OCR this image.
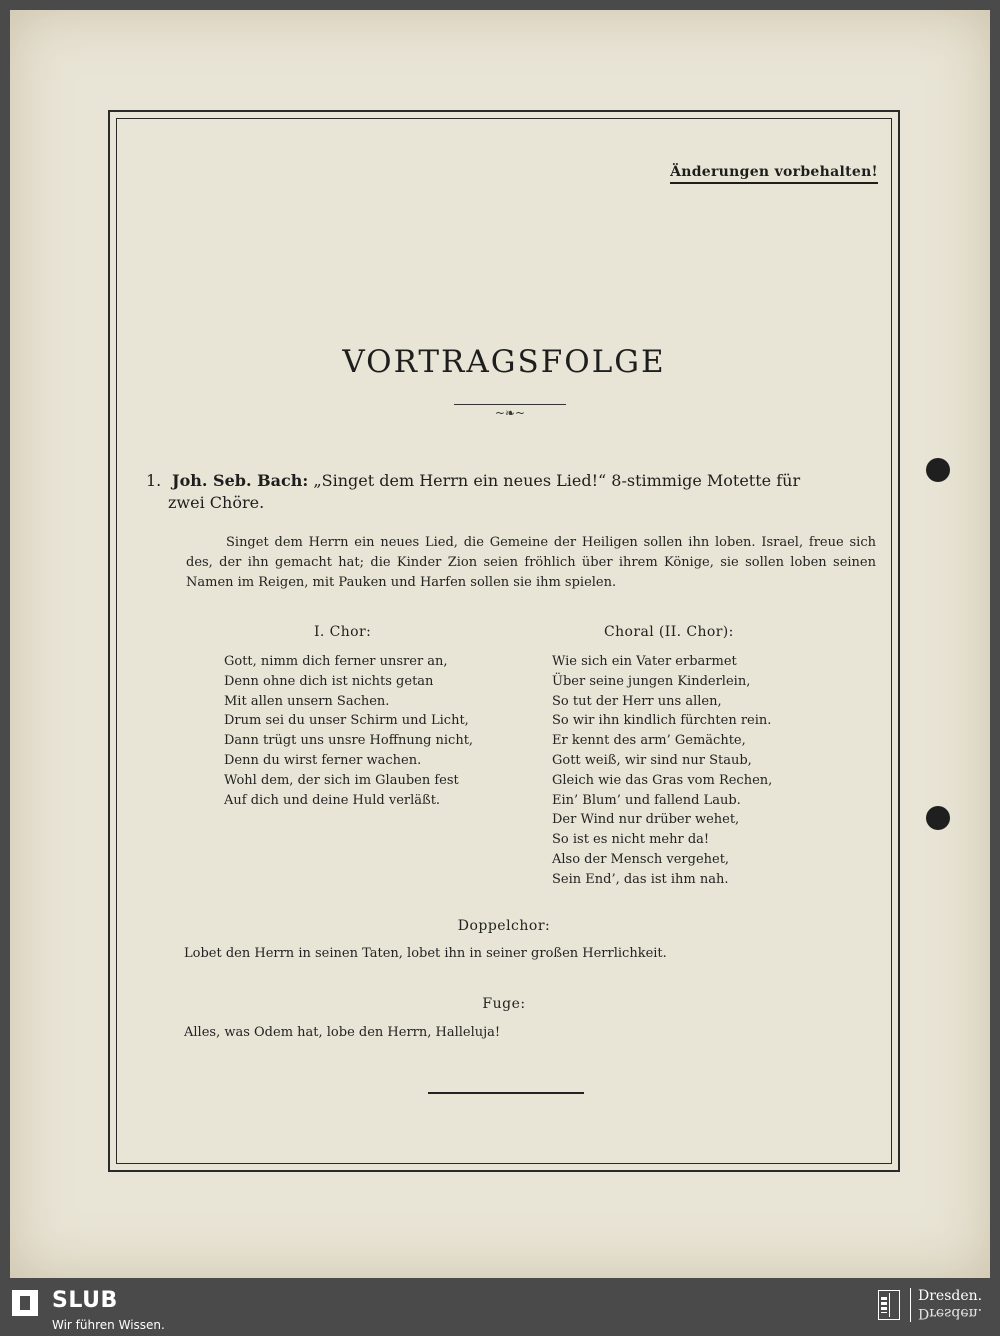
Änderungen vorbehalten!
VORTRAGSFOLGE
~❧~
1. Joh. Seb. Bach: „Singet dem Herrn ein neues Lied!“ 8-stimmige Motette für
zwei Chöre.
Singet dem Herrn ein neues Lied, die Gemeine der Heiligen sollen ihn loben. Israel, freue sich des, der ihn gemacht hat; die Kinder Zion seien fröhlich über ihrem Könige, sie sollen loben seinen Namen im Reigen, mit Pauken und Harfen sollen sie ihm spielen.
I. Chor:
Gott, nimm dich ferner unsrer an,
Denn ohne dich ist nichts getan
Mit allen unsern Sachen.
Drum sei du unser Schirm und Licht,
Dann trügt uns unsre Hoffnung nicht,
Denn du wirst ferner wachen.
Wohl dem, der sich im Glauben fest
Auf dich und deine Huld verläßt.
Choral (II. Chor):
Wie sich ein Vater erbarmet
Über seine jungen Kinderlein,
So tut der Herr uns allen,
So wir ihn kindlich fürchten rein.
Er kennt des arm’ Gemächte,
Gott weiß, wir sind nur Staub,
Gleich wie das Gras vom Rechen,
Ein’ Blum’ und fallend Laub.
Der Wind nur drüber wehet,
So ist es nicht mehr da!
Also der Mensch vergehet,
Sein End’, das ist ihm nah.
Doppelchor:
Lobet den Herrn in seinen Taten, lobet ihn in seiner großen Herrlichkeit.
Fuge:
Alles, was Odem hat, lobe den Herrn, Halleluja!
SLUB
Wir führen Wissen.
Dresden.
Dresden.
